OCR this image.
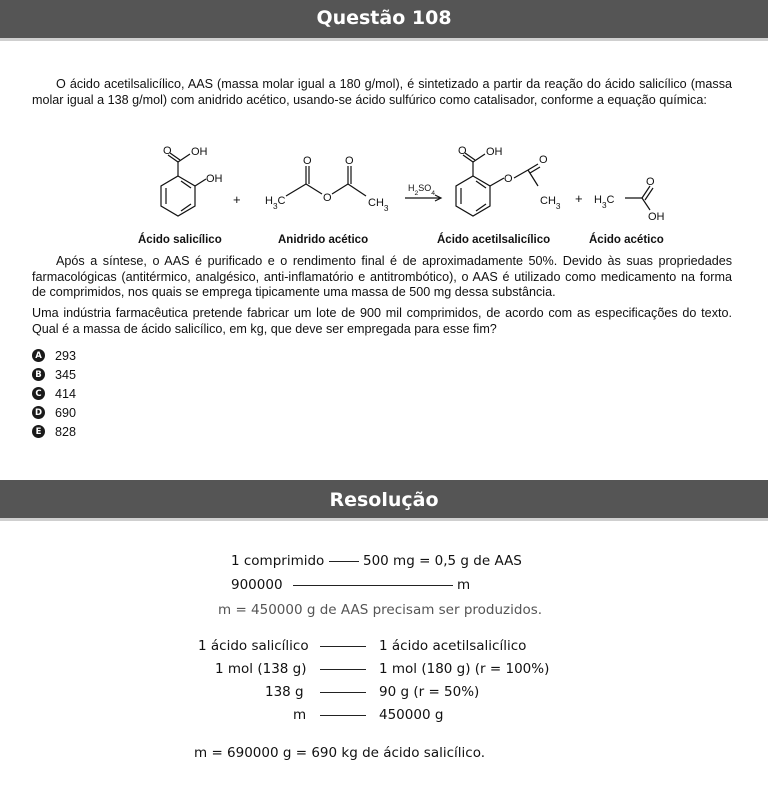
Questão 108
O ácido acetilsalicílico, AAS (massa molar igual a 180 g/mol), é sintetizado a partir da reação do ácido salicílico (massa molar igual a 138 g/mol) com anidrido acético, usando-se ácido sulfúrico como catalisador, conforme a equação química:
O OH
OH
+ $H_3C$
O
O
O
$CH_3$
$H_2SO_4$
O OH
O
O
$CH_3 + H_3C$
O
OH
Ácido salicílico	Anidrido acético	Ácido acetilsalicílico	Ácido acético
Após a síntese, o AAS é purificado e o rendimento final é de aproximadamente 50%. Devido às suas propriedades farmacológicas (antitérmico, analgésico, anti-inflamatório e antitrombótico), o AAS é utilizado como medicamento na forma de comprimidos, nos quais se emprega tipicamente uma massa de 500 mg dessa substância.
Uma indústria farmacêutica pretende fabricar um lote de 900 mil comprimidos, de acordo com as especificações do texto. Qual é a massa de ácido salicílico, em kg, que deve ser empregada para esse fim?
A 293
B 345
C 414
D 690
E 828
Resolução
1 comprimido	500 mg = 0,5 g de AAS
900000	m
m = 450000 g de AAS precisam ser produzidos.
1 ácido salicílico	1 ácido acetilsalicílico
1 mol (138 g)	1 mol (180 g) (r = 100%)
138 g	90 g (r = 50%)
m	450000 g
m = 690000 g = 690 kg de ácido salicílico.
